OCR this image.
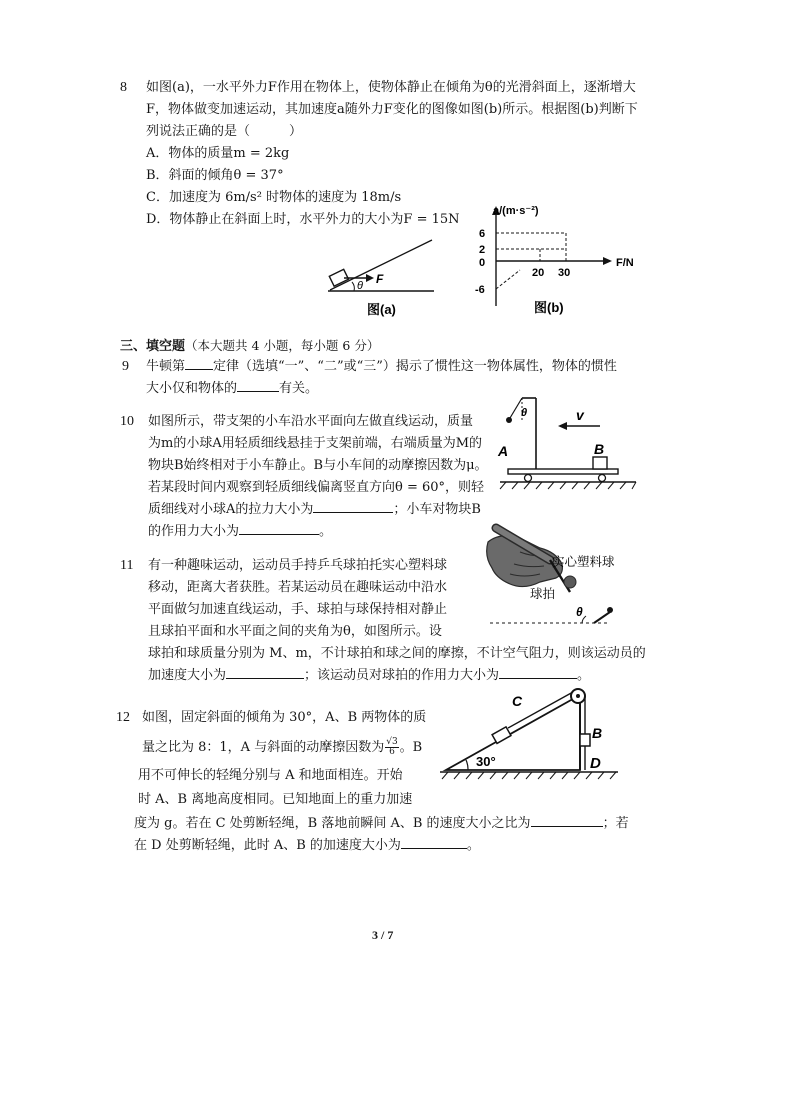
8 如图(a)，一水平外力F作用在物体上，使物体静止在倾角为θ的光滑斜面上，逐渐增大
F，物体做变加速运动，其加速度a随外力F变化的图像如图(b)所示。根据图(b)判断下
列说法正确的是（　　　）
A．物体的质量m = 2kg
B．斜面的倾角θ = 37°
C．加速度为 6m/s² 时物体的速度为 18m/s
D．物体静止在斜面上时，水平外力的大小为F = 15N
F
θ
图(a)
a/(m·s⁻²)
F/N
6
2
0
-6
20 30
图(b)
三、填空题（本大题共 4 小题，每小题 6 分）
9 牛顿第 定律（选填“一”、“二”或“三”）揭示了惯性这一物体属性，物体的惯性
大小仅和物体的	有关。
10 如图所示，带支架的小车沿水平面向左做直线运动，质量
为m的小球A用轻质细线悬挂于支架前端，右端质量为M的
物块B始终相对于小车静止。B与小车间的动摩擦因数为μ。
若某段时间内观察到轻质细线偏离竖直方向θ = 60°，则轻
质细线对小球A的拉力大小为	；小车对物块B
的作用力大小为	。
θ
A	B
v
11 有一种趣味运动，运动员手持乒乓球拍托实心塑料球
移动，距离大者获胜。若某运动员在趣味运动中沿水
平面做匀加速直线运动，手、球拍与球保持相对静止
且球拍平面和水平面之间的夹角为θ，如图所示。设
球拍和球质量分别为 M、m，不计球拍和球之间的摩擦，不计空气阻力，则该运动员的
加速度大小为	；该运动员对球拍的作用力大小为	。
实心塑料球
球拍
θ
12 如图，固定斜面的倾角为 30°，A、B 两物体的质
量之比为 8：1，A 与斜面的动摩擦因数为 $\frac{√3}{6}$ 。B
用不可伸长的轻绳分别与 A 和地面相连。开始
时 A、B 离地高度相同。已知地面上的重力加速
度为 g。若在 C 处剪断轻绳，B 落地前瞬间 A、B 的速度大小之比为	；若
在 D 处剪断轻绳，此时 A、B 的加速度大小为	。
C
B
D
30°
3 / 7
